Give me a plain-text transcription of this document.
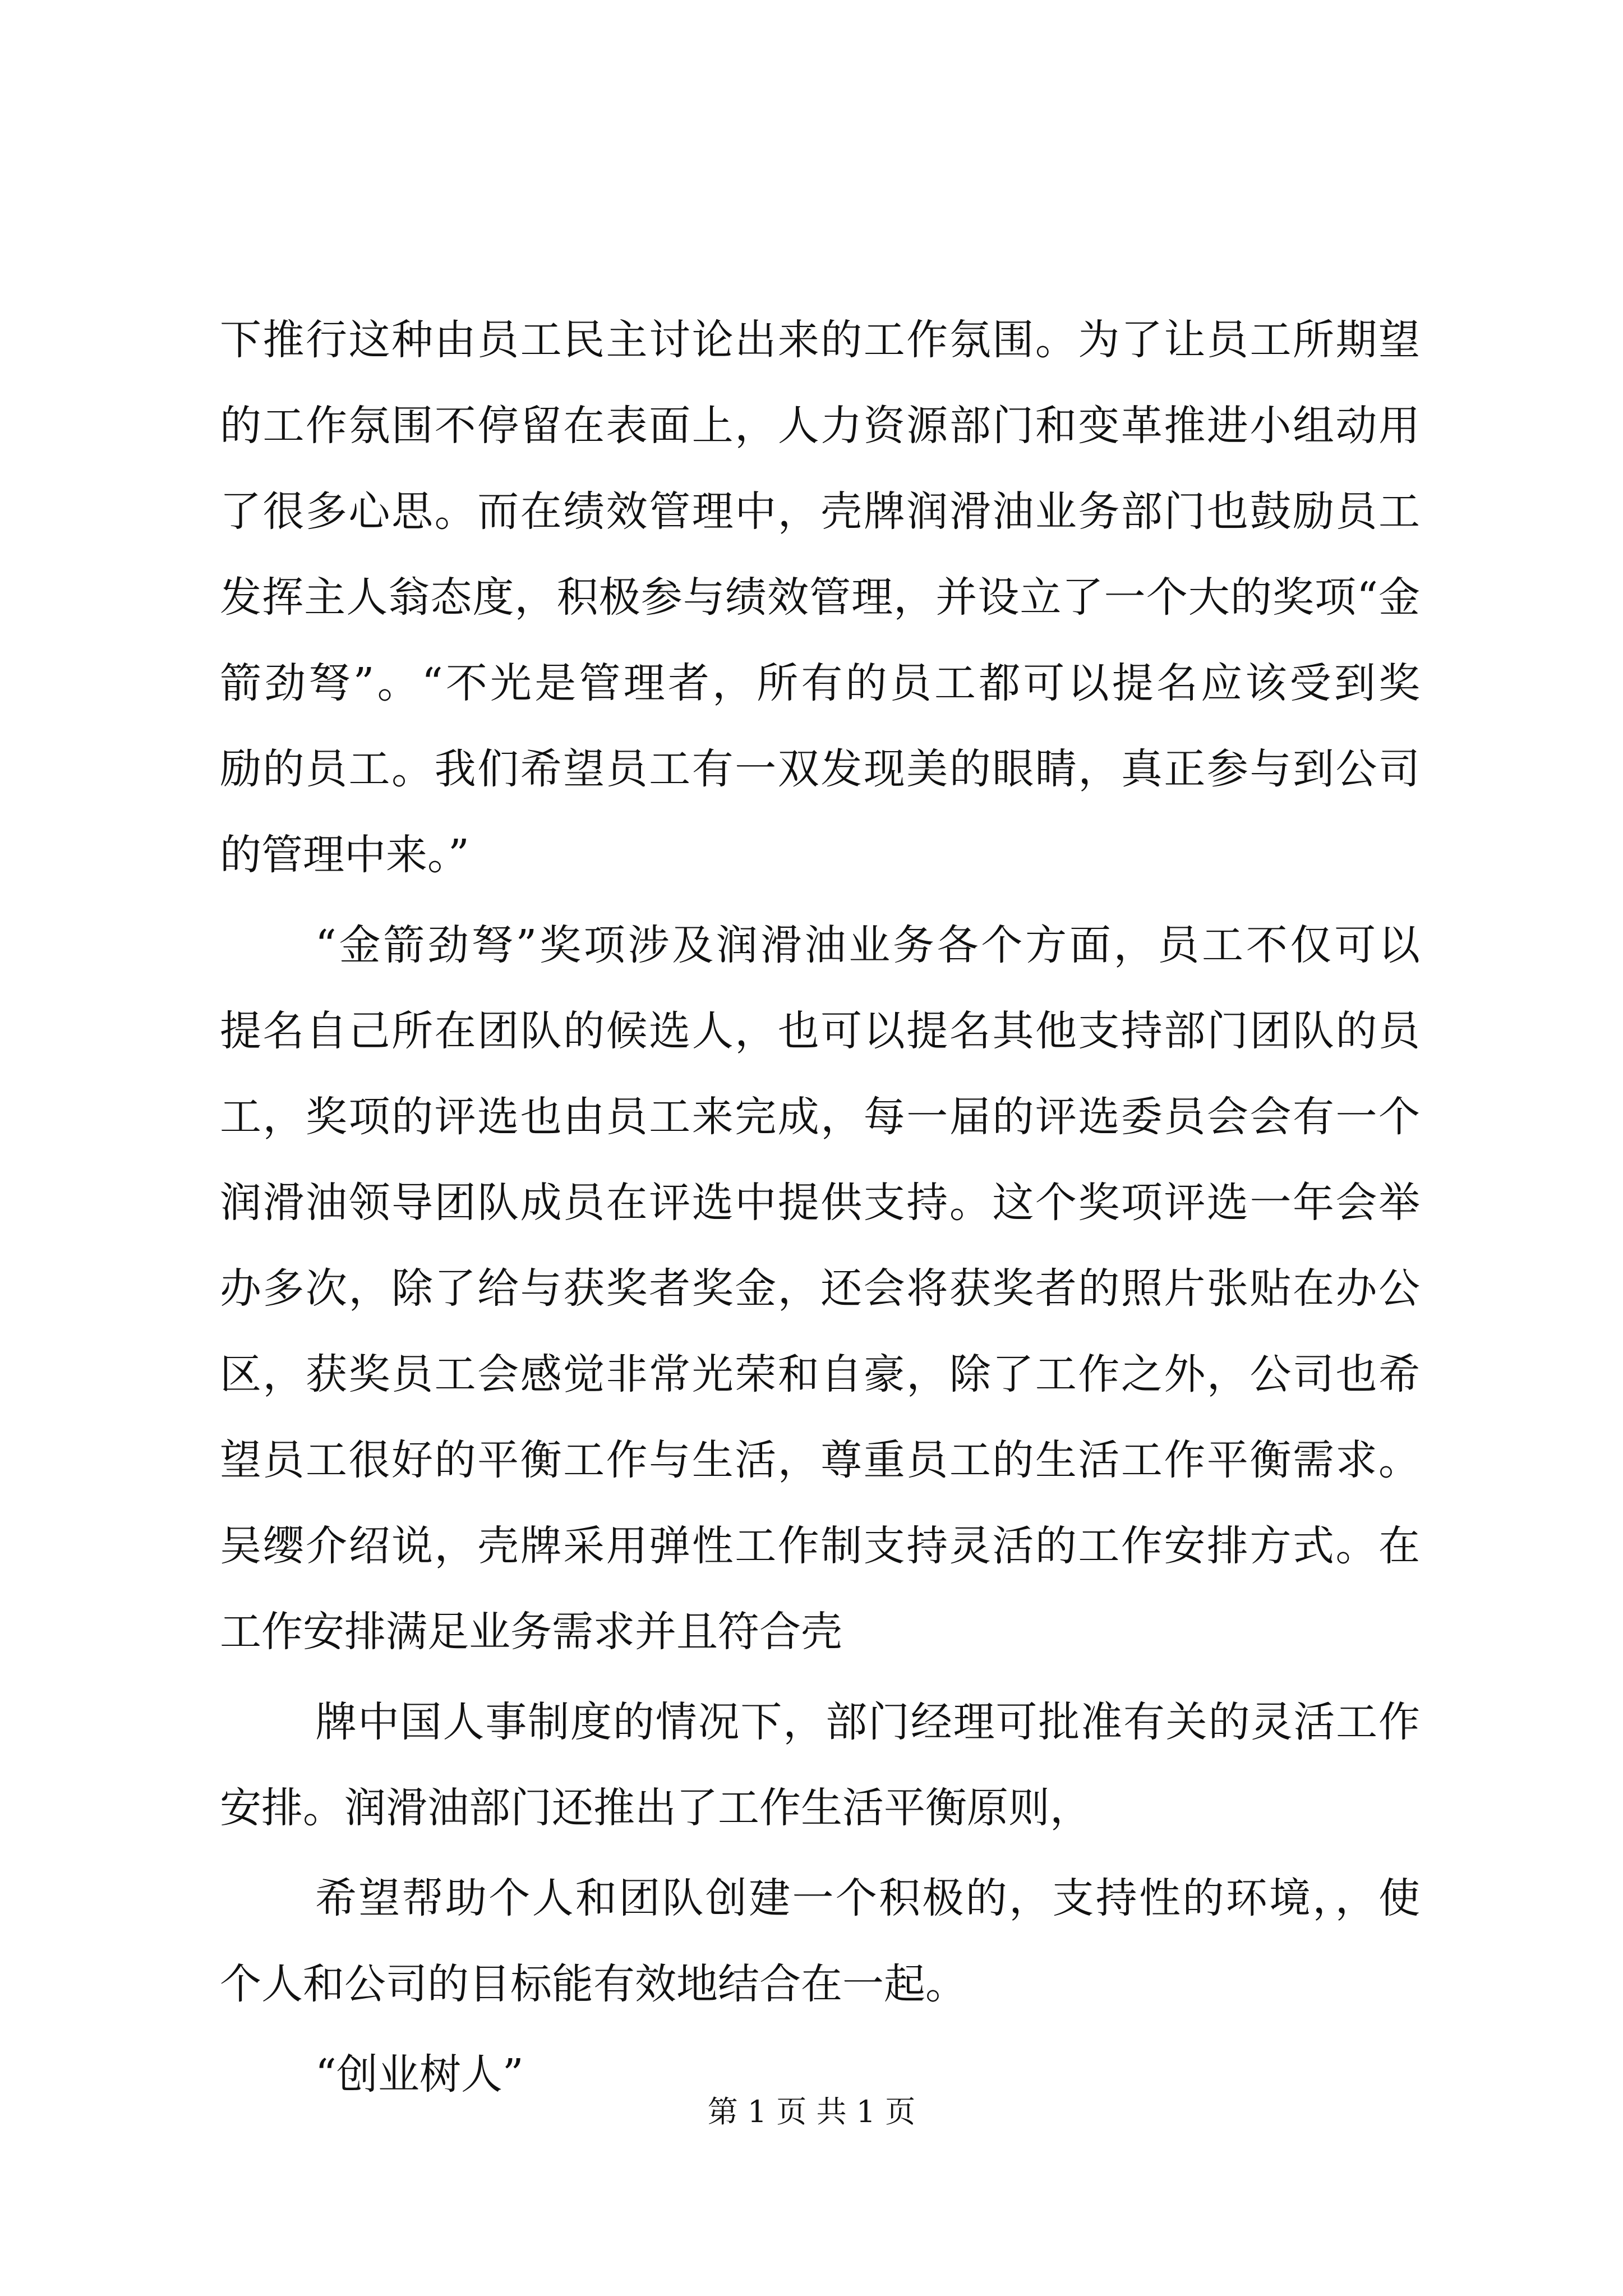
下推行这种由员工民主讨论出来的工作氛围。为了让员工所期望
的工作氛围不停留在表面上，人力资源部门和变革推进小组动用
了很多心思。而在绩效管理中，壳牌润滑油业务部门也鼓励员工
发挥主人翁态度，积极参与绩效管理，并设立了一个大的奖项“金
箭劲弩”。“不光是管理者，所有的员工都可以提名应该受到奖
励的员工。我们希望员工有一双发现美的眼睛，真正参与到公司
的管理中来。”
“金箭劲弩”奖项涉及润滑油业务各个方面，员工不仅可以
提名自己所在团队的候选人，也可以提名其他支持部门团队的员
工，奖项的评选也由员工来完成，每一届的评选委员会会有一个
润滑油领导团队成员在评选中提供支持。这个奖项评选一年会举
办多次，除了给与获奖者奖金，还会将获奖者的照片张贴在办公
区，获奖员工会感觉非常光荣和自豪，除了工作之外，公司也希
望员工很好的平衡工作与生活，尊重员工的生活工作平衡需求。
吴缨介绍说，壳牌采用弹性工作制支持灵活的工作安排方式。在
工作安排满足业务需求并且符合壳
牌中国人事制度的情况下，部门经理可批准有关的灵活工作
安排。润滑油部门还推出了工作生活平衡原则，
希望帮助个人和团队创建一个积极的，支持性的环境，，使
个人和公司的目标能有效地结合在一起。
“创业树人”
第 1 页 共 1 页
